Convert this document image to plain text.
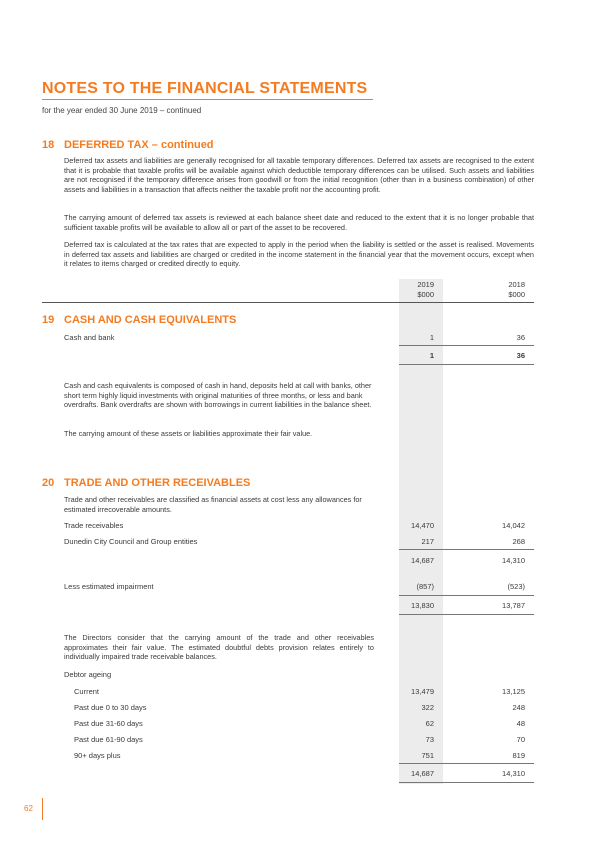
NOTES TO THE FINANCIAL STATEMENTS
for the year ended 30 June 2019 – continued
18 DEFERRED TAX – continued
Deferred tax assets and liabilities are generally recognised for all taxable temporary differences. Deferred tax assets are recognised to the extent that it is probable that taxable profits will be available against which deductible temporary differences can be utilised. Such assets and liabilities are not recognised if the temporary difference arises from goodwill or from the initial recognition (other than in a business combination) of other assets and liabilities in a transaction that affects neither the taxable profit nor the accounting profit.
The carrying amount of deferred tax assets is reviewed at each balance sheet date and reduced to the extent that it is no longer probable that sufficient taxable profits will be available to allow all or part of the asset to be recovered.
Deferred tax is calculated at the tax rates that are expected to apply in the period when the liability is settled or the asset is realised. Movements in deferred tax assets and liabilities are charged or credited in the income statement in the financial year that the movement occurs, except when it relates to items charged or credited directly to equity.
2019	2018
$000	$000
19 CASH AND CASH EQUIVALENTS
Cash and bank	1	36
1	36
Cash and cash equivalents is composed of cash in hand, deposits held at call with banks, other short term highly liquid investments with original maturities of three months, or less and bank overdrafts. Bank overdrafts are shown with borrowings in current liabilities in the balance sheet.
The carrying amount of these assets or liabilities approximate their fair value.
20 TRADE AND OTHER RECEIVABLES
Trade and other receivables are classified as financial assets at cost less any allowances for estimated irrecoverable amounts.
Trade receivables	14,470	14,042
Dunedin City Council and Group entities	217	268
14,687	14,310
Less estimated impairment	(857)	(523)
13,830	13,787
The Directors consider that the carrying amount of the trade and other receivables approximates their fair value. The estimated doubtful debts provision relates entirely to individually impaired trade receivable balances.
Debtor ageing
Current	13,479	13,125
Past due 0 to 30 days	322	248
Past due 31-60 days	62	48
Past due 61-90 days	73	70
90+ days plus	751	819
14,687	14,310
62
